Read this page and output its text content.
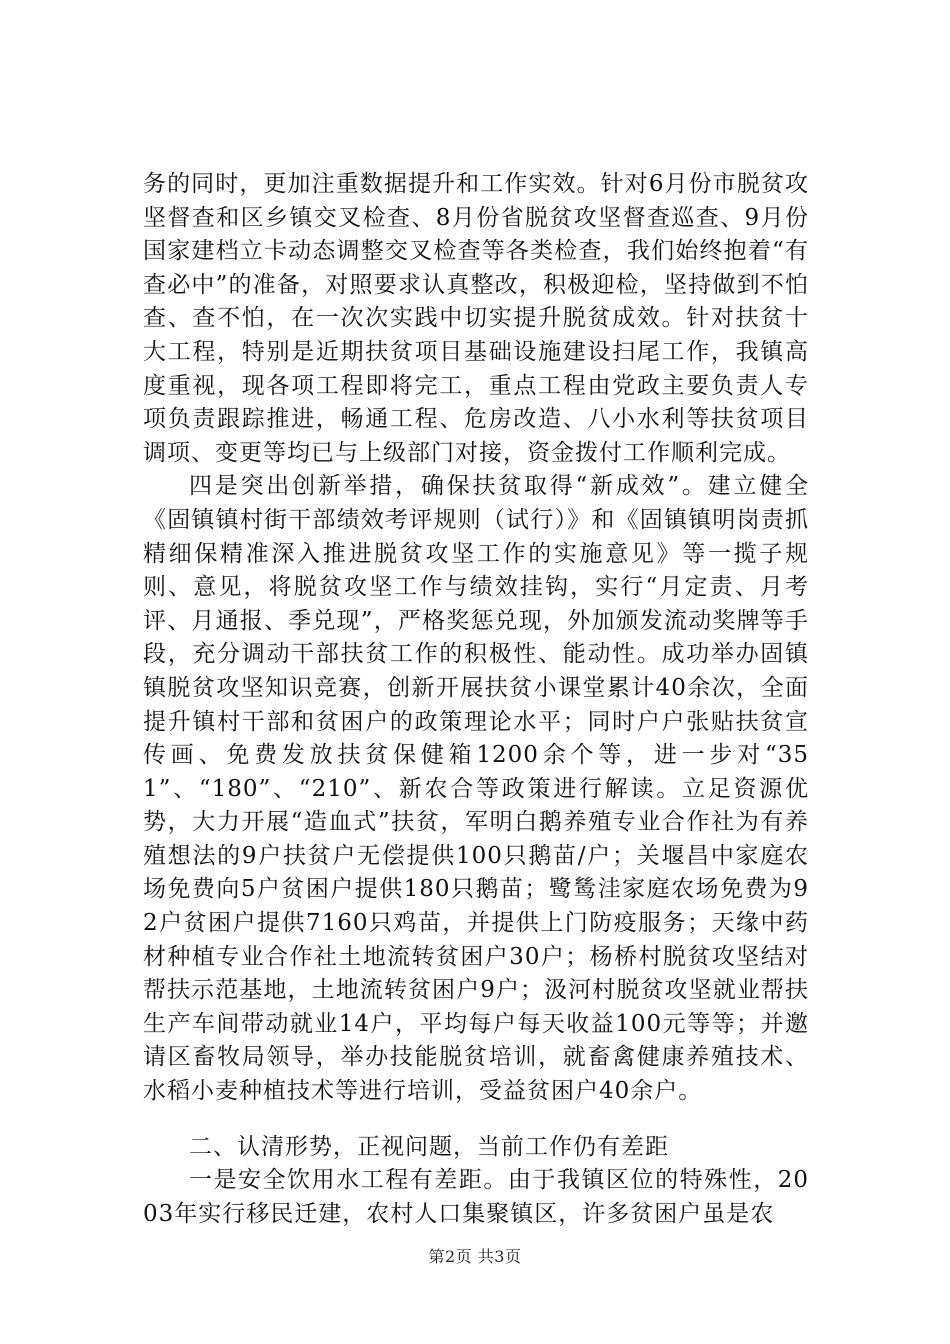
务的同时，更加注重数据提升和工作实效。针对6月份市脱贫攻坚督查和区乡镇交叉检查、8月份省脱贫攻坚督查巡查、9月份国家建档立卡动态调整交叉检查等各类检查，我们始终抱着“有查必中”的准备，对照要求认真整改，积极迎检，坚持做到不怕查、查不怕，在一次次实践中切实提升脱贫成效。针对扶贫十大工程，特别是近期扶贫项目基础设施建设扫尾工作，我镇高度重视，现各项工程即将完工，重点工程由党政主要负责人专项负责跟踪推进，畅通工程、危房改造、八小水利等扶贫项目调项、变更等均已与上级部门对接，资金拨付工作顺利完成。

四是突出创新举措，确保扶贫取得“新成效”。建立健全《固镇镇村街干部绩效考评规则（试行）》和《固镇镇明岗责抓精细保精准深入推进脱贫攻坚工作的实施意见》等一揽子规则、意见，将脱贫攻坚工作与绩效挂钩，实行“月定责、月考评、月通报、季兑现”，严格奖惩兑现，外加颁发流动奖牌等手段，充分调动干部扶贫工作的积极性、能动性。成功举办固镇镇脱贫攻坚知识竞赛，创新开展扶贫小课堂累计40余次，全面提升镇村干部和贫困户的政策理论水平；同时户户张贴扶贫宣传画、免费发放扶贫保健箱1200余个等，进一步对“351”、“180”、“210”、新农合等政策进行解读。立足资源优势，大力开展“造血式”扶贫，军明白鹅养殖专业合作社为有养殖想法的9户扶贫户无偿提供100只鹅苗/户；关堰昌中家庭农场免费向5户贫困户提供180只鹅苗；鹭鸶洼家庭农场免费为92户贫困户提供7160只鸡苗，并提供上门防疫服务；天缘中药材种植专业合作社土地流转贫困户30户；杨桥村脱贫攻坚结对帮扶示范基地，土地流转贫困户9户；汲河村脱贫攻坚就业帮扶生产车间带动就业14户，平均每户每天收益100元等等；并邀请区畜牧局领导，举办技能脱贫培训，就畜禽健康养殖技术、水稻小麦种植技术等进行培训，受益贫困户40余户。

二、认清形势，正视问题，当前工作仍有差距

一是安全饮用水工程有差距。由于我镇区位的特殊性，2003年实行移民迁建，农村人口集聚镇区，许多贫困户虽是农

第2页 共3页
